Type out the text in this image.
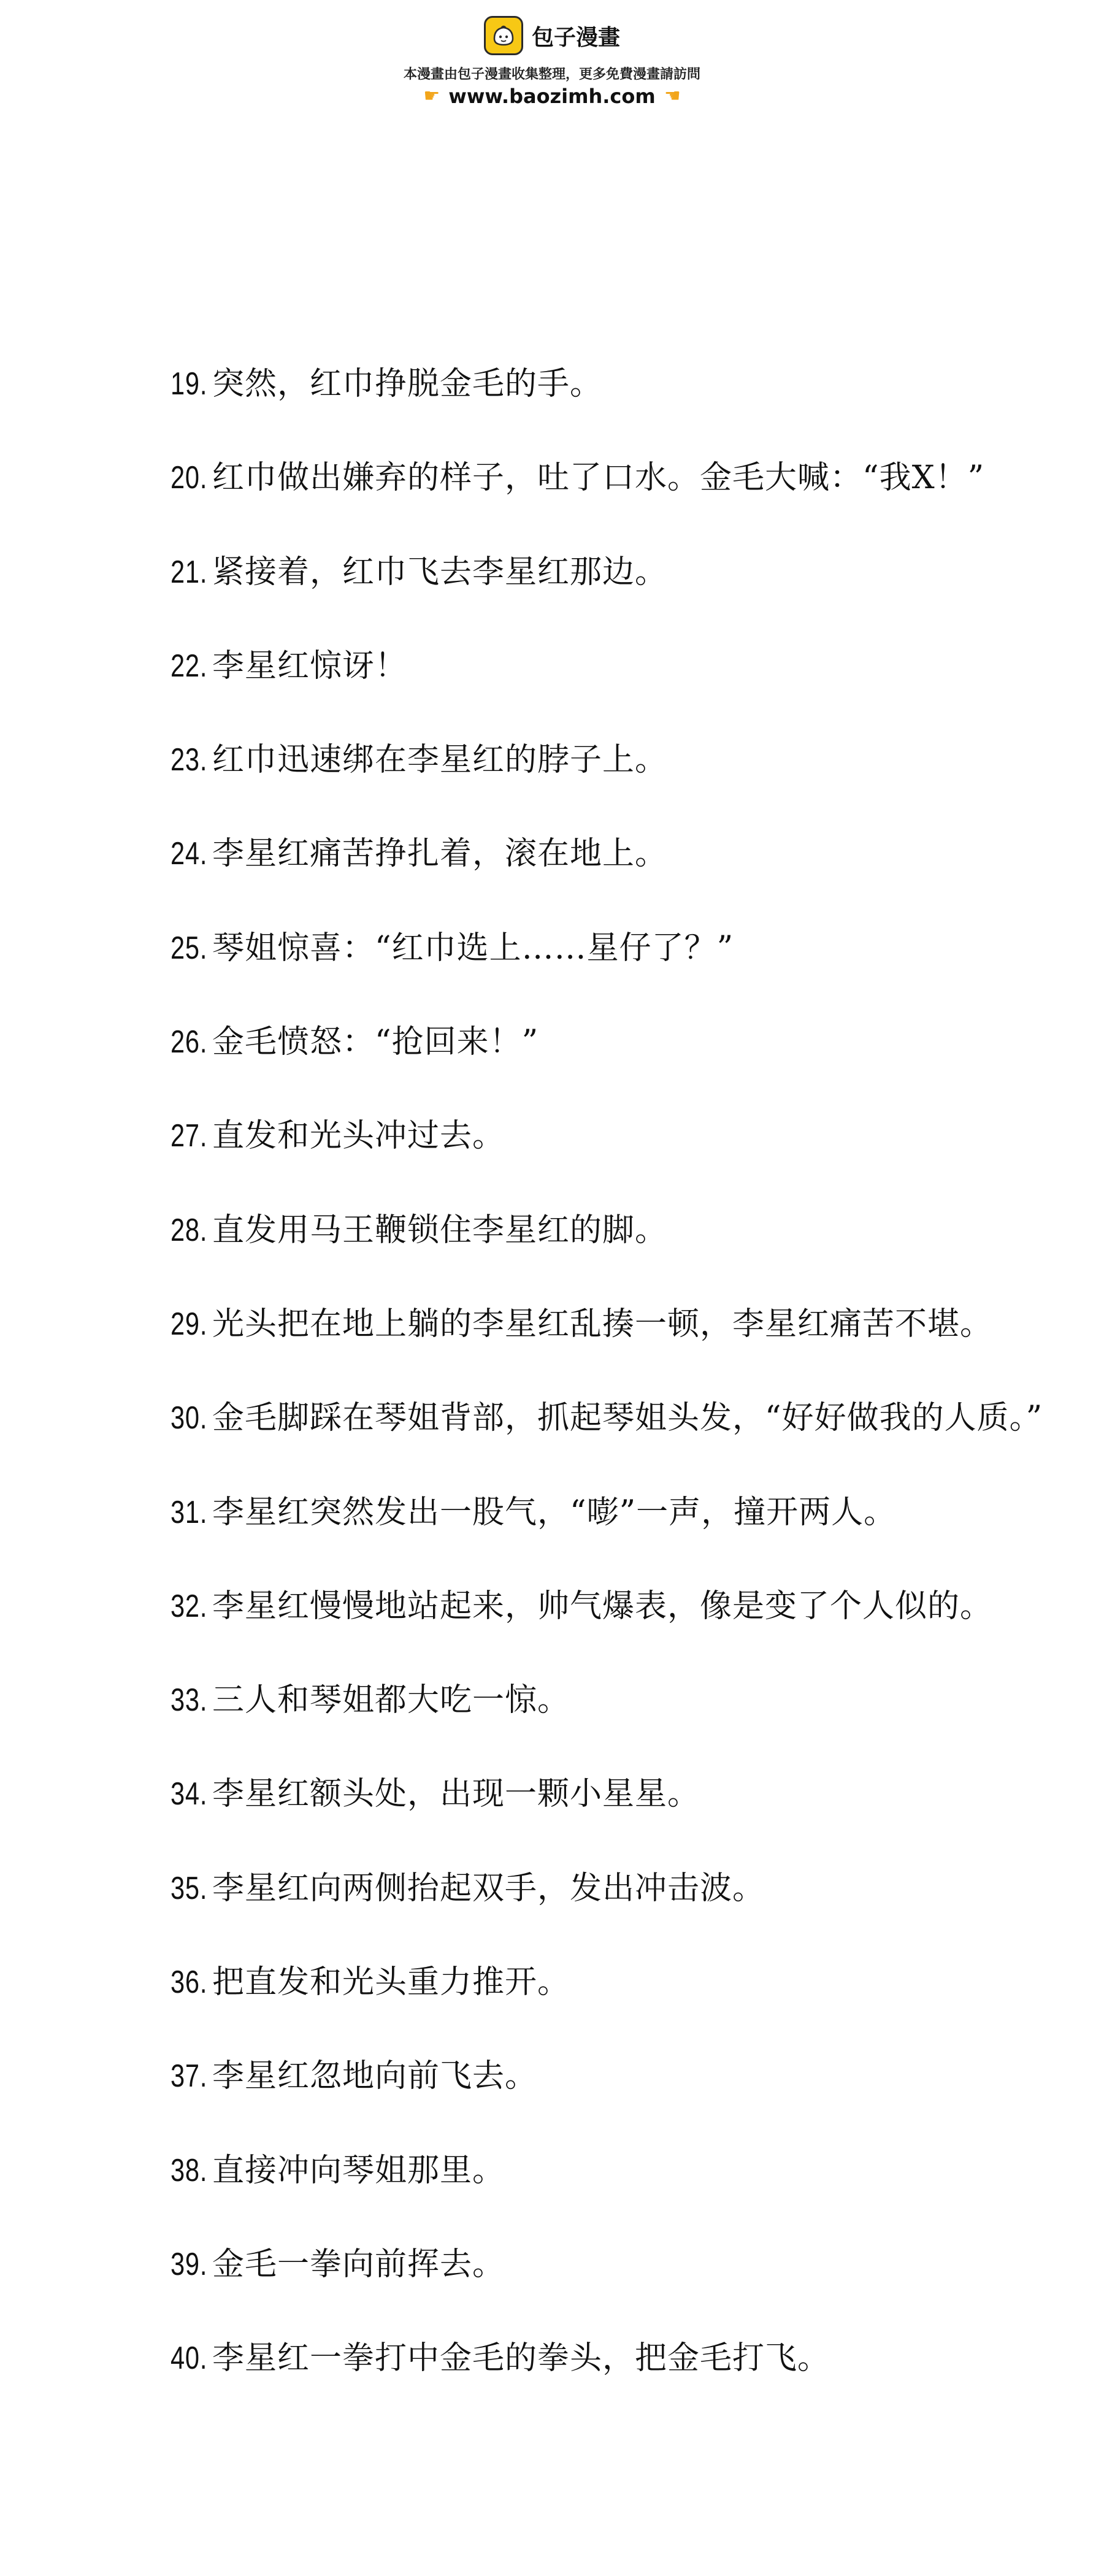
包子漫畫
本漫畫由包子漫畫收集整理，更多免費漫畫請訪問
☛ www.baozimh.com ☛
19. 突然，红巾挣脱金毛的手。
20. 红巾做出嫌弃的样子，吐了口水。金毛大喊：“我X！”
21. 紧接着，红巾飞去李星红那边。
22. 李星红惊讶！
23. 红巾迅速绑在李星红的脖子上。
24. 李星红痛苦挣扎着，滚在地上。
25. 琴姐惊喜：“红巾选上……星仔了？”
26. 金毛愤怒：“抢回来！”
27. 直发和光头冲过去。
28. 直发用马王鞭锁住李星红的脚。
29. 光头把在地上躺的李星红乱揍一顿，李星红痛苦不堪。
30. 金毛脚踩在琴姐背部，抓起琴姐头发，“好好做我的人质。”
31. 李星红突然发出一股气，“嘭”一声，撞开两人。
32. 李星红慢慢地站起来，帅气爆表，像是变了个人似的。
33. 三人和琴姐都大吃一惊。
34. 李星红额头处，出现一颗小星星。
35. 李星红向两侧抬起双手，发出冲击波。
36. 把直发和光头重力推开。
37. 李星红忽地向前飞去。
38. 直接冲向琴姐那里。
39. 金毛一拳向前挥去。
40. 李星红一拳打中金毛的拳头，把金毛打飞。
